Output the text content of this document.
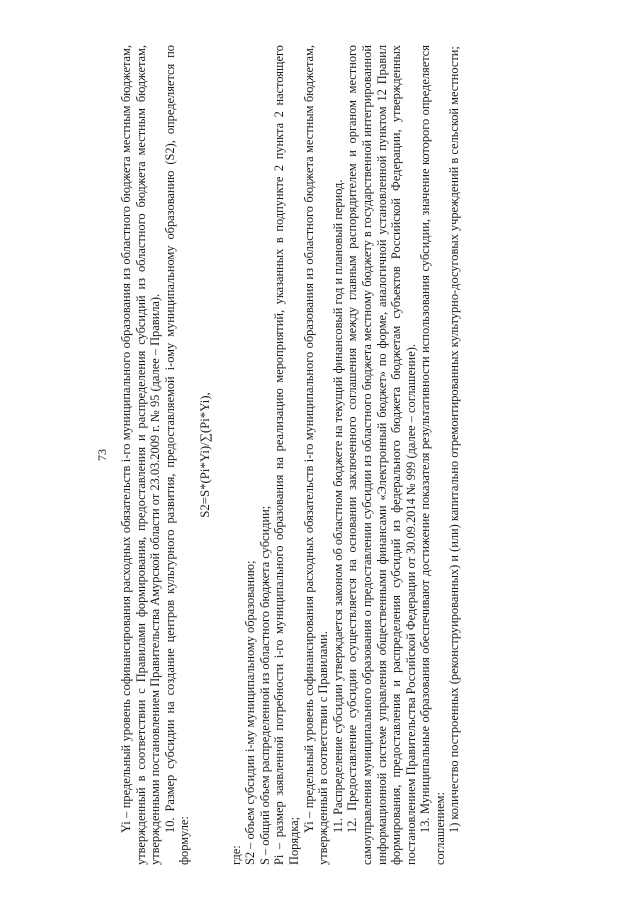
73 Yi – предельный уровень софинансирования расходных обязательств i-го муниципального образования из областного бюджета местным бюджетам, утвержденный в соответствии с Правилами формирования, предоставления и распределения субсидий из областного бюджета местным бюджетам, утвержденными постановлением Правительства Амурской области от 23.03.2009 г. № 95 (далее – Правила). 10. Размер субсидии на создание центров культурного развития, предоставляемой i-ому муниципальному образованию (S2), определяется по формуле:

S2=S*(Pi*Yi)/∑(Pi*Yi),

где: S2 – объем субсидии i-му муниципальному образованию; S – общий объем распределенной из областного бюджета субсидии; Pi – размер заявленной потребности i-го муниципального образования на реализацию мероприятий, указанных в подпункте 2 пункта 2 настоящего Порядка;

Yi – предельный уровень софинансирования расходных обязательств i-го муниципального образования из областного бюджета местным бюджетам, утвержденный в соответствии с Правилами. 11. Распределение субсидии утверждается законом об областном бюджете на текущий финансовый год и плановый период. 12. Предоставление субсидии осуществляется на основании заключенного соглашения между главным распорядителем и органом местного самоуправления муниципального образования о предоставлении субсидии из областного бюджета местному бюджету в государственной интегрированной информационной системе управления общественными финансами «Электронный бюджет» по форме, аналогичной установленной пунктом 12 Правил формирования, предоставления и распределения субсидий из федерального бюджета бюджетам субъектов Российской Федерации, утвержденных постановлением Правительства Российской Федерации от 30.09.2014 № 999 (далее – соглашение). 13. Муниципальные образования обеспечивают достижение показателя результативности использования субсидии, значение которого определяется соглашением: 1) количество построенных (реконструированных) и (или) капитально отремонтированных культурно-досуговых учреждений в сельской местности;
